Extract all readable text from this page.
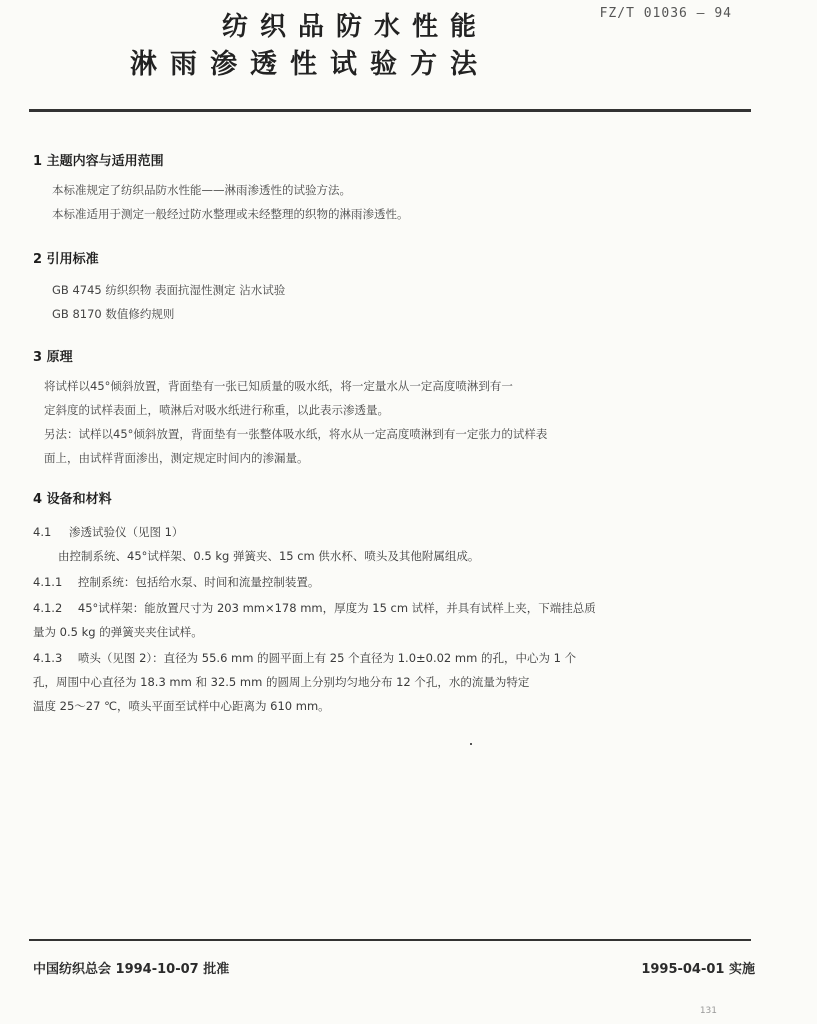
纺织品防水性能
淋雨渗透性试验方法
FZ/T 01036 — 94
1 主题内容与适用范围

本标准规定了纺织品防水性能——淋雨渗透性的试验方法。

本标准适用于测定一般经过防水整理或未经整理的织物的淋雨渗透性。

2 引用标准

GB 4745 纺织织物 表面抗湿性测定 沾水试验

GB 8170 数值修约规则

3 原理

将试样以45°倾斜放置，背面垫有一张已知质量的吸水纸，将一定量水从一定高度喷淋到有一

定斜度的试样表面上，喷淋后对吸水纸进行称重，以此表示渗透量。

另法：试样以45°倾斜放置，背面垫有一张整体吸水纸，将水从一定高度喷淋到有一定张力的试样表

面上，由试样背面渗出，测定规定时间内的渗漏量。

4 设备和材料
4.1 渗透试验仪（见图 1）
由控制系统、45°试样架、0.5 kg 弹簧夹、15 cm 供水杯、喷头及其他附属组成。
4.1.1 控制系统：包括给水泵、时间和流量控制装置。
4.1.2 45°试样架：能放置尺寸为 203 mm×178 mm，厚度为 15 cm 试样，并具有试样上夹，下端挂总质
量为 0.5 kg 的弹簧夹夹住试样。
4.1.3 喷头（见图 2）：直径为 55.6 mm 的圆平面上有 25 个直径为 1.0±0.02 mm 的孔，中心为 1 个
孔，周围中心直径为 18.3 mm 和 32.5 mm 的圆周上分别均匀地分布 12 个孔，水的流量为特定
温度 25～27 ℃，喷头平面至试样中心距离为 610 mm。
中国纺织总会 1994-10-07 批准	1995-04-01 实施
131
